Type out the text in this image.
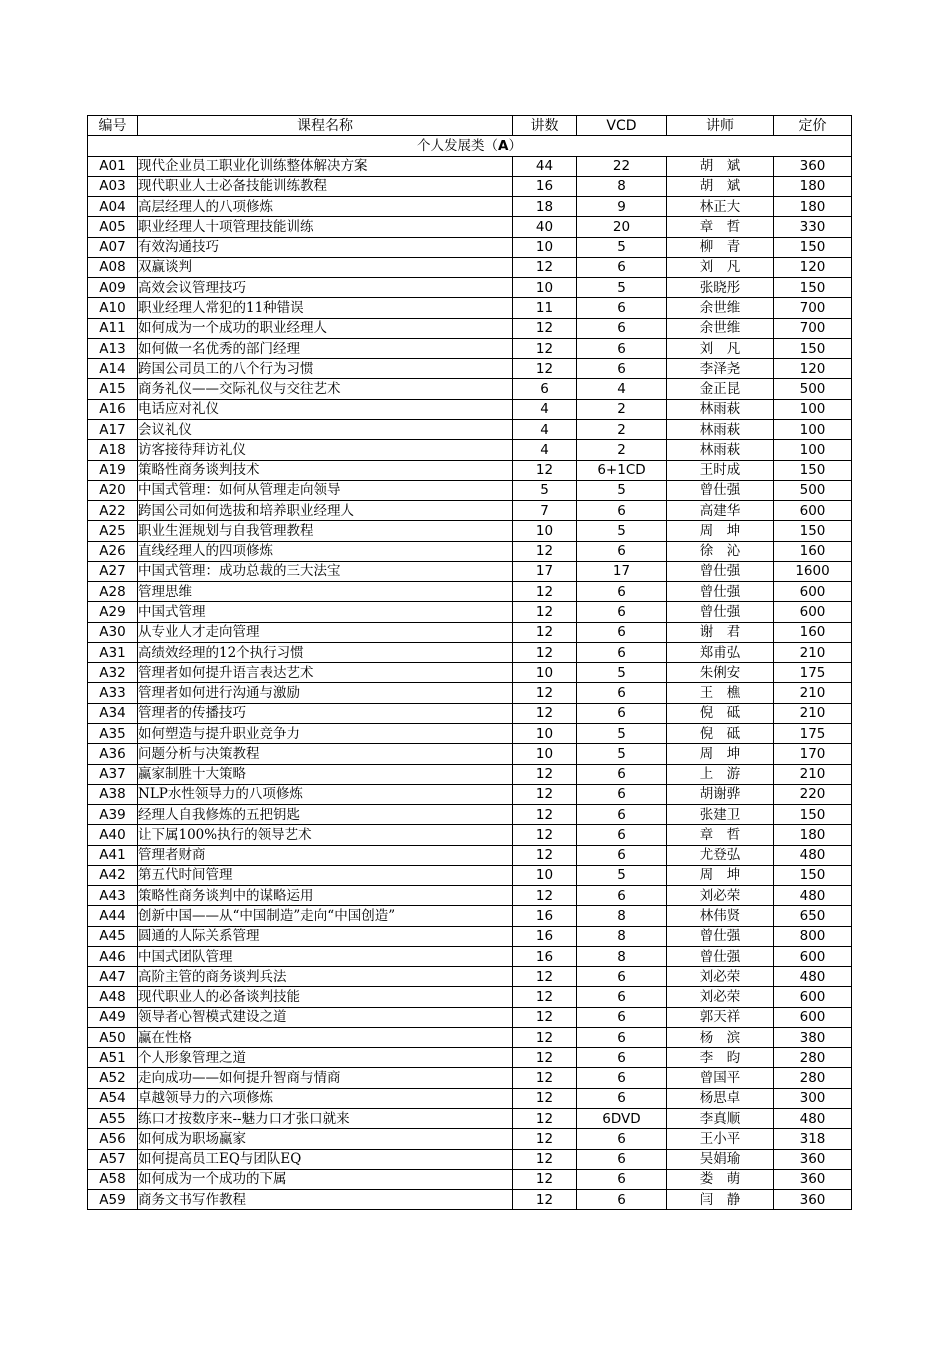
编号	课程名称	讲数	VCD	讲师	定价
个人发展类（A）					
A01	现代企业员工职业化训练整体解决方案	44	22	胡　斌	360
A03	现代职业人士必备技能训练教程	16	8	胡　斌	180
A04	高层经理人的八项修炼	18	9	林正大	180
A05	职业经理人十项管理技能训练	40	20	章　哲	330
A07	有效沟通技巧	10	5	柳　青	150
A08	双赢谈判	12	6	刘　凡	120
A09	高效会议管理技巧	10	5	张晓彤	150
A10	职业经理人常犯的11种错误	11	6	余世维	700
A11	如何成为一个成功的职业经理人	12	6	余世维	700
A13	如何做一名优秀的部门经理	12	6	刘　凡	150
A14	跨国公司员工的八个行为习惯	12	6	李泽尧	120
A15	商务礼仪——交际礼仪与交往艺术	6	4	金正昆	500
A16	电话应对礼仪	4	2	林雨萩	100
A17	会议礼仪	4	2	林雨萩	100
A18	访客接待拜访礼仪	4	2	林雨萩	100
A19	策略性商务谈判技术	12	6+1CD	王时成	150
A20	中国式管理：如何从管理走向领导	5	5	曾仕强	500
A22	跨国公司如何选拔和培养职业经理人	7	6	高建华	600
A25	职业生涯规划与自我管理教程	10	5	周　坤	150
A26	直线经理人的四项修炼	12	6	徐　沁	160
A27	中国式管理：成功总裁的三大法宝	17	17	曾仕强	1600
A28	管理思维	12	6	曾仕强	600
A29	中国式管理	12	6	曾仕强	600
A30	从专业人才走向管理	12	6	谢　君	160
A31	高绩效经理的12个执行习惯	12	6	郑甫弘	210
A32	管理者如何提升语言表达艺术	10	5	朱俐安	175
A33	管理者如何进行沟通与激励	12	6	王　樵	210
A34	管理者的传播技巧	12	6	倪　砥	210
A35	如何塑造与提升职业竞争力	10	5	倪　砥	175
A36	问题分析与决策教程	10	5	周　坤	170
A37	赢家制胜十大策略	12	6	上　游	210
A38	NLP水性领导力的八项修炼	12	6	胡谢骅	220
A39	经理人自我修炼的五把钥匙	12	6	张建卫	150
A40	让下属100%执行的领导艺术	12	6	章　哲	180
A41	管理者财商	12	6	尤登弘	480
A42	第五代时间管理	10	5	周　坤	150
A43	策略性商务谈判中的谋略运用	12	6	刘必荣	480
A44	创新中国——从“中国制造”走向“中国创造”	16	8	林伟贤	650
A45	圆通的人际关系管理	16	8	曾仕强	800
A46	中国式团队管理	16	8	曾仕强	600
A47	高阶主管的商务谈判兵法	12	6	刘必荣	480
A48	现代职业人的必备谈判技能	12	6	刘必荣	600
A49	领导者心智模式建设之道	12	6	郭天祥	600
A50	赢在性格	12	6	杨　滨	380
A51	个人形象管理之道	12	6	李　昀	280
A52	走向成功——如何提升智商与情商	12	6	曾国平	280
A54	卓越领导力的六项修炼	12	6	杨思卓	300
A55	练口才按数序来--魅力口才张口就来	12	6DVD	李真顺	480
A56	如何成为职场赢家	12	6	王小平	318
A57	如何提高员工EQ与团队EQ	12	6	吴娟瑜	360
A58	如何成为一个成功的下属	12	6	娄　萌	360
A59	商务文书写作教程	12	6	闫　静	360
